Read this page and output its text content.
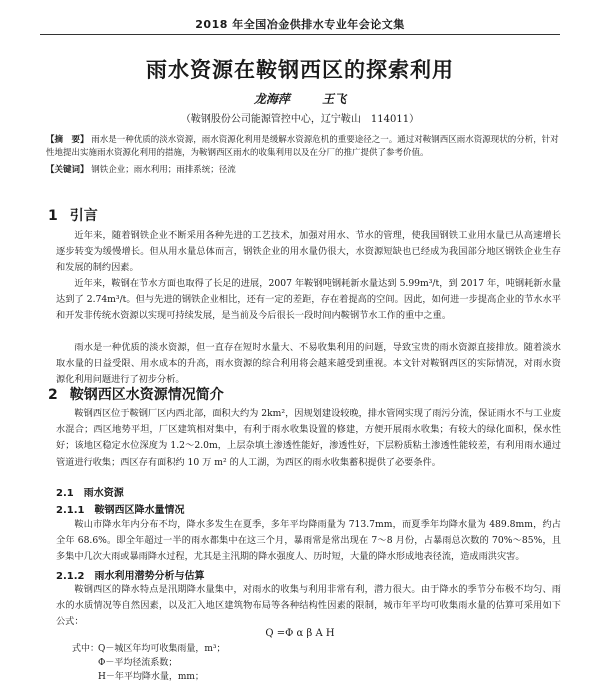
2018 年全国冶金供排水专业年会论文集
雨水资源在鞍钢西区的探索利用
龙海萍	王飞
（鞍钢股份公司能源管控中心，辽宁鞍山　114011）
【摘　要】 雨水是一种优质的淡水资源，雨水资源化利用是缓解水资源危机的重要途径之一。通过对鞍钢西区雨水资源现状的分析，针对性地提出实施雨水资源化利用的措施，为鞍钢西区雨水的收集利用以及在分厂的推广提供了参考价值。
【关键词】 钢铁企业；雨水利用；雨排系统；径流
1 引言
近年来，随着钢铁企业不断采用各种先进的工艺技术，加强对用水、节水的管理，使我国钢铁工业用水量已从高速增长逐步转变为缓慢增长。但从用水量总体而言，钢铁企业的用水量仍很大，水资源短缺也已经成为我国部分地区钢铁企业生存和发展的制约因素。
近年来，鞍钢在节水方面也取得了长足的进展，2007 年鞍钢吨钢耗新水量达到 5.99m³/t，到 2017 年，吨钢耗新水量达到了 2.74m³/t。但与先进的钢铁企业相比，还有一定的差距，存在着提高的空间。因此，如何进一步提高企业的节水水平和开发非传统水资源以实现可持续发展，是当前及今后很长一段时间内鞍钢节水工作的重中之重。
雨水是一种优质的淡水资源，但一直存在短时水量大、不易收集利用的问题，导致宝贵的雨水资源直接排放。随着淡水取水量的日益受限、用水成本的升高，雨水资源的综合利用将会越来越受到重视。本文针对鞍钢西区的实际情况，对雨水资源化利用问题进行了初步分析。
2 鞍钢西区水资源情况简介
鞍钢西区位于鞍钢厂区内西北部，面积大约为 2km²，因规划建设较晚，排水管网实现了雨污分流，保证雨水不与工业废水混合；西区地势平坦，厂区建筑相对集中，有利于雨水收集设置的修建，方便开展雨水收集；有较大的绿化面积，保水性好；该地区稳定水位深度为 1.2～2.0m，上层杂填土渗透性能好，渗透性好，下层粉质粘土渗透性能较差，有利用雨水通过管道进行收集；西区存有面积约 10 万 m² 的人工湖，为西区的雨水收集蓄积提供了必要条件。
2.1 雨水资源
2.1.1 鞍钢西区降水量情况
鞍山市降水年内分布不均，降水多发生在夏季，多年平均降雨量为 713.7mm，而夏季年均降水量为 489.8mm，约占全年 68.6%。即全年超过一半的雨水都集中在这三个月，暴雨常是常出现在 7～8 月份，占暴雨总次数的 70%～85%，且多集中几次大雨或暴雨降水过程，尤其是主汛期的降水强度人、历时短，大量的降水形成地表径流，造成雨洪灾害。
2.1.2 雨水利用潜势分析与估算
鞍钢西区的降水特点是汛期降水量集中，对雨水的收集与利用非常有利，潜力很大。由于降水的季节分布极不均匀、雨水的水质情况等自然因素，以及汇入地区建筑物布局等各种结构性因素的限制，城市年平均可收集雨水量的估算可采用如下公式：
Q =Φ α β Α H
式中：Q－城区年均可收集雨量，m³；
Φ－平均径流系数；
H－年平均降水量，mm；
